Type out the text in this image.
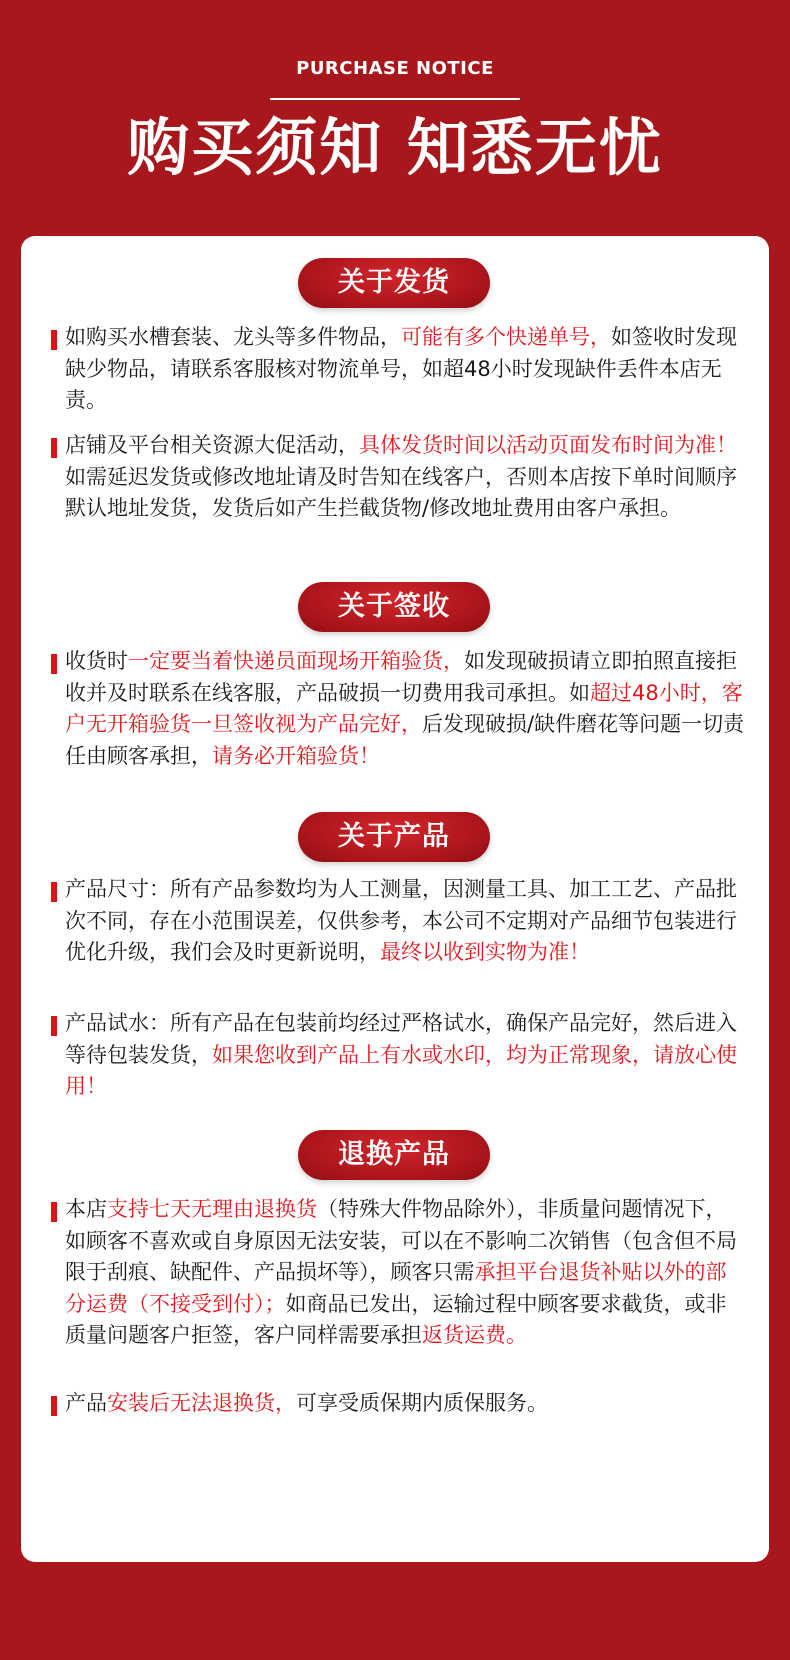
PURCHASE NOTICE
购买须知 知悉无忧
关于发货
如购买水槽套装、龙头等多件物品，可能有多个快递单号，如签收时发现缺少物品，请联系客服核对物流单号，如超48小时发现缺件丢件本店无责。
店铺及平台相关资源大促活动，具体发货时间以活动页面发布时间为准！如需延迟发货或修改地址请及时告知在线客户，否则本店按下单时间顺序默认地址发货，发货后如产生拦截货物/修改地址费用由客户承担。
关于签收
收货时一定要当着快递员面现场开箱验货，如发现破损请立即拍照直接拒收并及时联系在线客服，产品破损一切费用我司承担。如超过48小时，客户无开箱验货一旦签收视为产品完好，后发现破损/缺件磨花等问题一切责任由顾客承担，请务必开箱验货！
关于产品
产品尺寸：所有产品参数均为人工测量，因测量工具、加工工艺、产品批次不同，存在小范围误差，仅供参考，本公司不定期对产品细节包装进行优化升级，我们会及时更新说明，最终以收到实物为准！
产品试水：所有产品在包装前均经过严格试水，确保产品完好，然后进入等待包装发货，如果您收到产品上有水或水印，均为正常现象，请放心使用！
退换产品
本店支持七天无理由退换货（特殊大件物品除外），非质量问题情况下，如顾客不喜欢或自身原因无法安装，可以在不影响二次销售（包含但不局限于刮痕、缺配件、产品损坏等），顾客只需承担平台退货补贴以外的部分运费（不接受到付）；如商品已发出，运输过程中顾客要求截货，或非质量问题客户拒签，客户同样需要承担返货运费。
产品安装后无法退换货，可享受质保期内质保服务。
